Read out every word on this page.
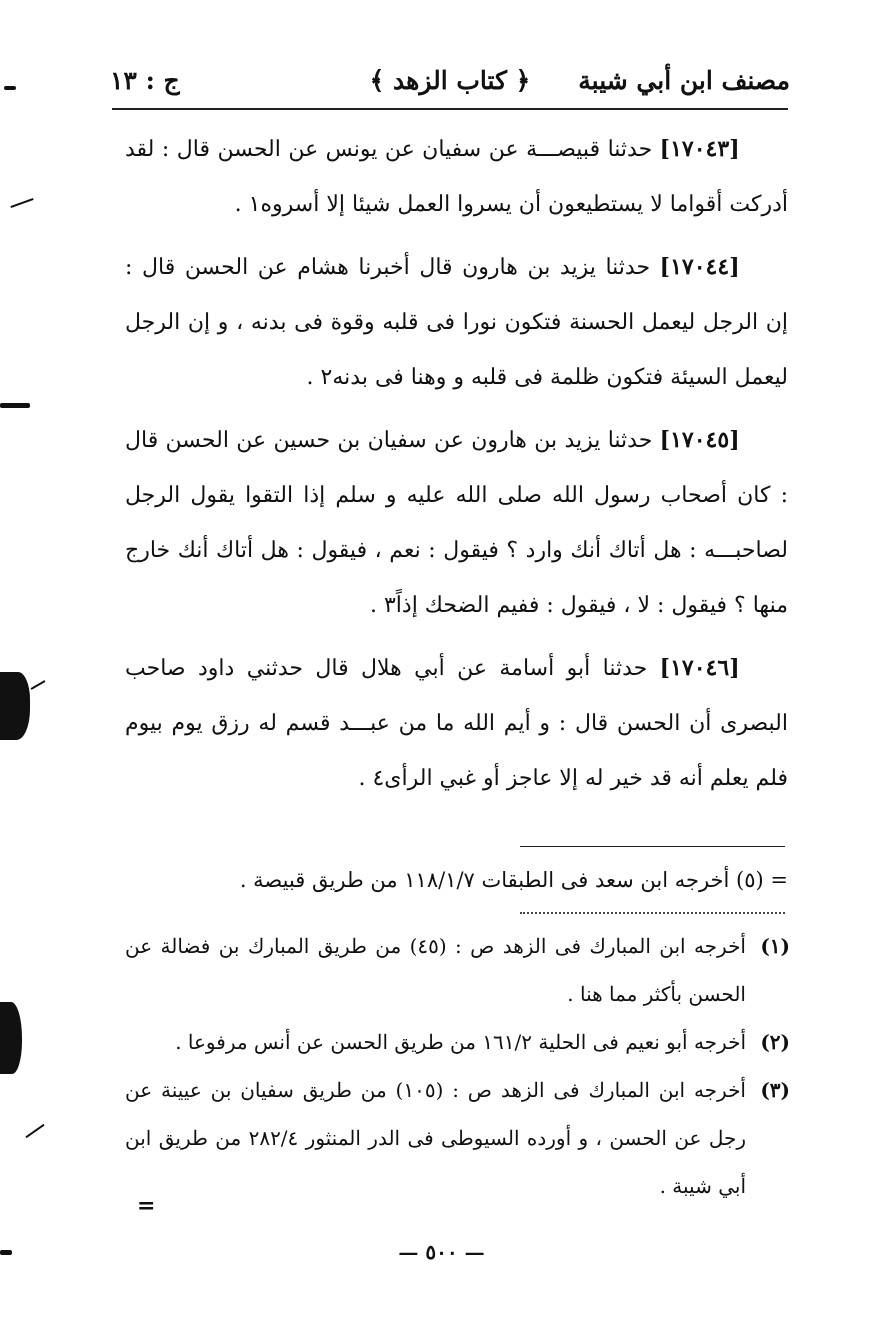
مصنف ابن أبي شيبة
﴿ كتاب الزهد ﴾
ج : ١٣

[١٧٠٤٣] حدثنا قبيصـــة عن سفيان عن يونس عن الحسن قال : لقد أدركت أقواما لا يستطيعون أن يسروا العمل شيئا إلا أسروه١ .

[١٧٠٤٤] حدثنا يزيد بن هارون قال أخبرنا هشام عن الحسن قال : إن الرجل ليعمل الحسنة فتكون نورا فى قلبه وقوة فى بدنه ، و إن الرجل ليعمل السيئة فتكون ظلمة فى قلبه و وهنا فى بدنه٢ .

[١٧٠٤٥] حدثنا يزيد بن هارون عن سفيان بن حسين عن الحسن قال : كان أصحاب رسول الله صلى الله عليه و سلم إذا التقوا يقول الرجل لصاحبـــه : هل أتاك أنك وارد ؟ فيقول : نعم ، فيقول : هل أتاك أنك خارج منها ؟ فيقول : لا ، فيقول : ففيم الضحك إذاً٣ .

[١٧٠٤٦] حدثنا أبو أسامة عن أبي هلال قال حدثني داود صاحب البصرى أن الحسن قال : و أيم الله ما من عبـــد قسم له رزق يوم بيوم فلم يعلم أنه قد خير له إلا عاجز أو غبي الرأى٤ .

= (٥) أخرجه ابن سعد فى الطبقات ١١٨/١/٧ من طريق قبيصة .

(١)أخرجه ابن المبارك فى الزهد ص : (٤٥) من طريق المبارك بن فضالة عن الحسن بأكثر مما هنا .

(٢)أخرجه أبو نعيم فى الحلية ١٦١/٢ من طريق الحسن عن أنس مرفوعا .

(٣)أخرجه ابن المبارك فى الزهد ص : (١٠٥) من طريق سفيان بن عيينة عن رجل عن الحسن ، و أورده السيوطى فى الدر المنثور ٢٨٢/٤ من طريق ابن أبي شيبة .

=
— ٥٠٠ —
